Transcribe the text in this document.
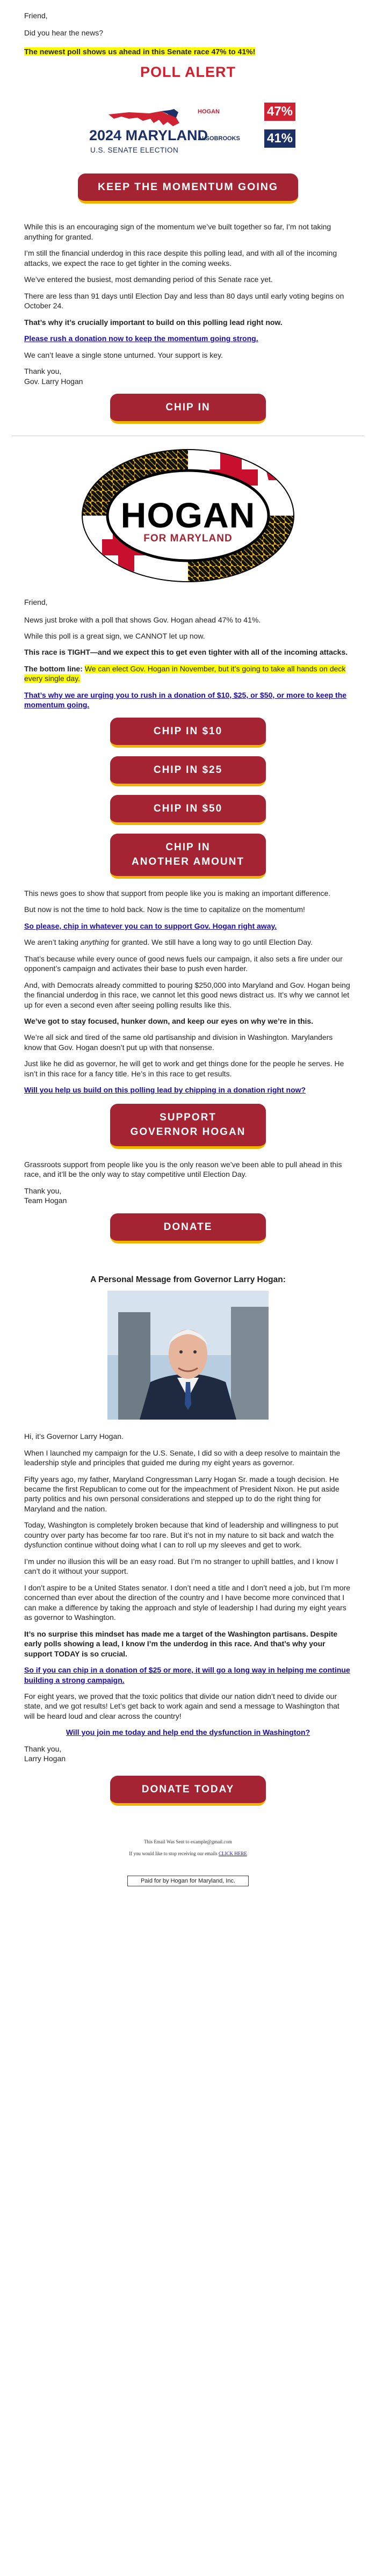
Friend,

Did you hear the news?

The newest poll shows us ahead in this Senate race 47% to 41%!

POLL ALERT
2024 MARYLAND
U.S. SENATE ELECTION
HOGAN	47%
ALSOBROOKS 41%
KEEP THE MOMENTUM GOING

While this is an encouraging sign of the momentum we’ve built together so far, I’m not taking anything for granted.

I’m still the financial underdog in this race despite this polling lead, and with all of the incoming attacks, we expect the race to get tighter in the coming weeks.

We’ve entered the busiest, most demanding period of this Senate race yet.

There are less than 91 days until Election Day and less than 80 days until early voting begins on October 24.

That’s why it’s crucially important to build on this polling lead right now.

Please rush a donation now to keep the momentum going strong.

We can’t leave a single stone unturned. Your support is key.

Thank you,

Gov. Larry Hogan

CHIP IN
HOGAN
FOR MARYLAND

Friend,

News just broke with a poll that shows Gov. Hogan ahead 47% to 41%.

While this poll is a great sign, we CANNOT let up now.

This race is TIGHT—and we expect this to get even tighter with all of the incoming attacks.

The bottom line: We can elect Gov. Hogan in November, but it’s going to take all hands on deck every single day.

That’s why we are urging you to rush in a donation of $10, $25, or $50, or more to keep the momentum going.

CHIP IN $10
CHIP IN $25
CHIP IN $50
CHIP IN
ANOTHER AMOUNT

This news goes to show that support from people like you is making an important difference.

But now is not the time to hold back. Now is the time to capitalize on the momentum!

So please, chip in whatever you can to support Gov. Hogan right away.

We aren’t taking anything for granted. We still have a long way to go until Election Day.

That’s because while every ounce of good news fuels our campaign, it also sets a fire under our opponent’s campaign and activates their base to push even harder.

And, with Democrats already committed to pouring $250,000 into Maryland and Gov. Hogan being the financial underdog in this race, we cannot let this good news distract us. It’s why we cannot let up for even a second even after seeing polling results like this.

We’ve got to stay focused, hunker down, and keep our eyes on why we’re in this.

We’re all sick and tired of the same old partisanship and division in Washington. Marylanders know that Gov. Hogan doesn’t put up with that nonsense.

Just like he did as governor, he will get to work and get things done for the people he serves. He isn’t in this race for a fancy title. He’s in this race to get results.

Will you help us build on this polling lead by chipping in a donation right now?

SUPPORT
GOVERNOR HOGAN

Grassroots support from people like you is the only reason we’ve been able to pull ahead in this race, and it’ll be the only way to stay competitive until Election Day.

Thank you,

Team Hogan

DONATE
A Personal Message from Governor Larry Hogan:

Hi, it’s Governor Larry Hogan.

When I launched my campaign for the U.S. Senate, I did so with a deep resolve to maintain the leadership style and principles that guided me during my eight years as governor.

Fifty years ago, my father, Maryland Congressman Larry Hogan Sr. made a tough decision. He became the first Republican to come out for the impeachment of President Nixon. He put aside party politics and his own personal considerations and stepped up to do the right thing for Maryland and the nation.

Today, Washington is completely broken because that kind of leadership and willingness to put country over party has become far too rare. But it’s not in my nature to sit back and watch the dysfunction continue without doing what I can to roll up my sleeves and get to work.

I’m under no illusion this will be an easy road. But I’m no stranger to uphill battles, and I know I can’t do it without your support.

I don’t aspire to be a United States senator. I don’t need a title and I don’t need a job, but I’m more concerned than ever about the direction of the country and I have become more convinced that I can make a difference by taking the approach and style of leadership I had during my eight years as governor to Washington.

It’s no surprise this mindset has made me a target of the Washington partisans. Despite early polls showing a lead, I know I’m the underdog in this race. And that’s why your support TODAY is so crucial.

So if you can chip in a donation of $25 or more, it will go a long way in helping me continue building a strong campaign.

For eight years, we proved that the toxic politics that divide our nation didn’t need to divide our state, and we got results! Let’s get back to work again and send a message to Washington that will be heard loud and clear across the country!

Will you join me today and help end the dysfunction in Washington?

Thank you,

Larry Hogan

DONATE TODAY
This Email Was Sent to example@gmail.com
If you would like to stop receiving our emails CLICK HERE
Paid for by Hogan for Maryland, Inc.
